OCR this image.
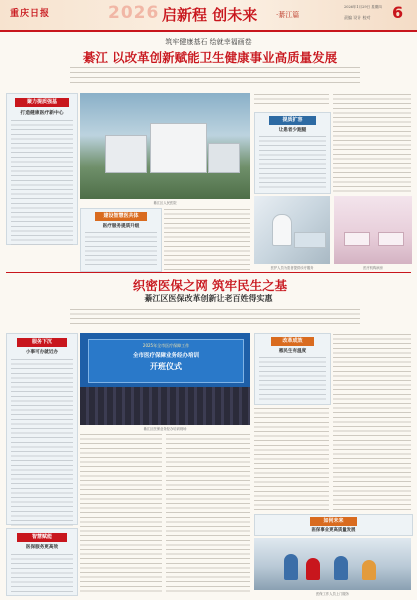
重庆日报	2026 启新程 创未来	·綦江篇
2026年1月29日 星期四
责编 设计 校对	6
筑牢健康基石 绘就幸福画卷
綦江 以改革创新赋能卫生健康事业高质量发展
聚力提质强基
打造健康医疗新中心
綦江区人民医院
建设智慧医共体
医疗服务提质升级
提质扩容
让患者少跑腿
医护人员为患者提供诊疗服务	医疗机构病房
织密医保之网 筑牢民生之基
綦江区医保改革创新让老百姓得实惠
服务下沉
小事可办就近办
智慧赋能
医保服务更高效
2025年全市医疗保障工作
全市医疗保障业务经办培训
开班仪式
綦江区医保业务经办培训现场
改革成效
惠民生有温度
如何未来
医保事业更高质量发展
医保工作人员上门服务
